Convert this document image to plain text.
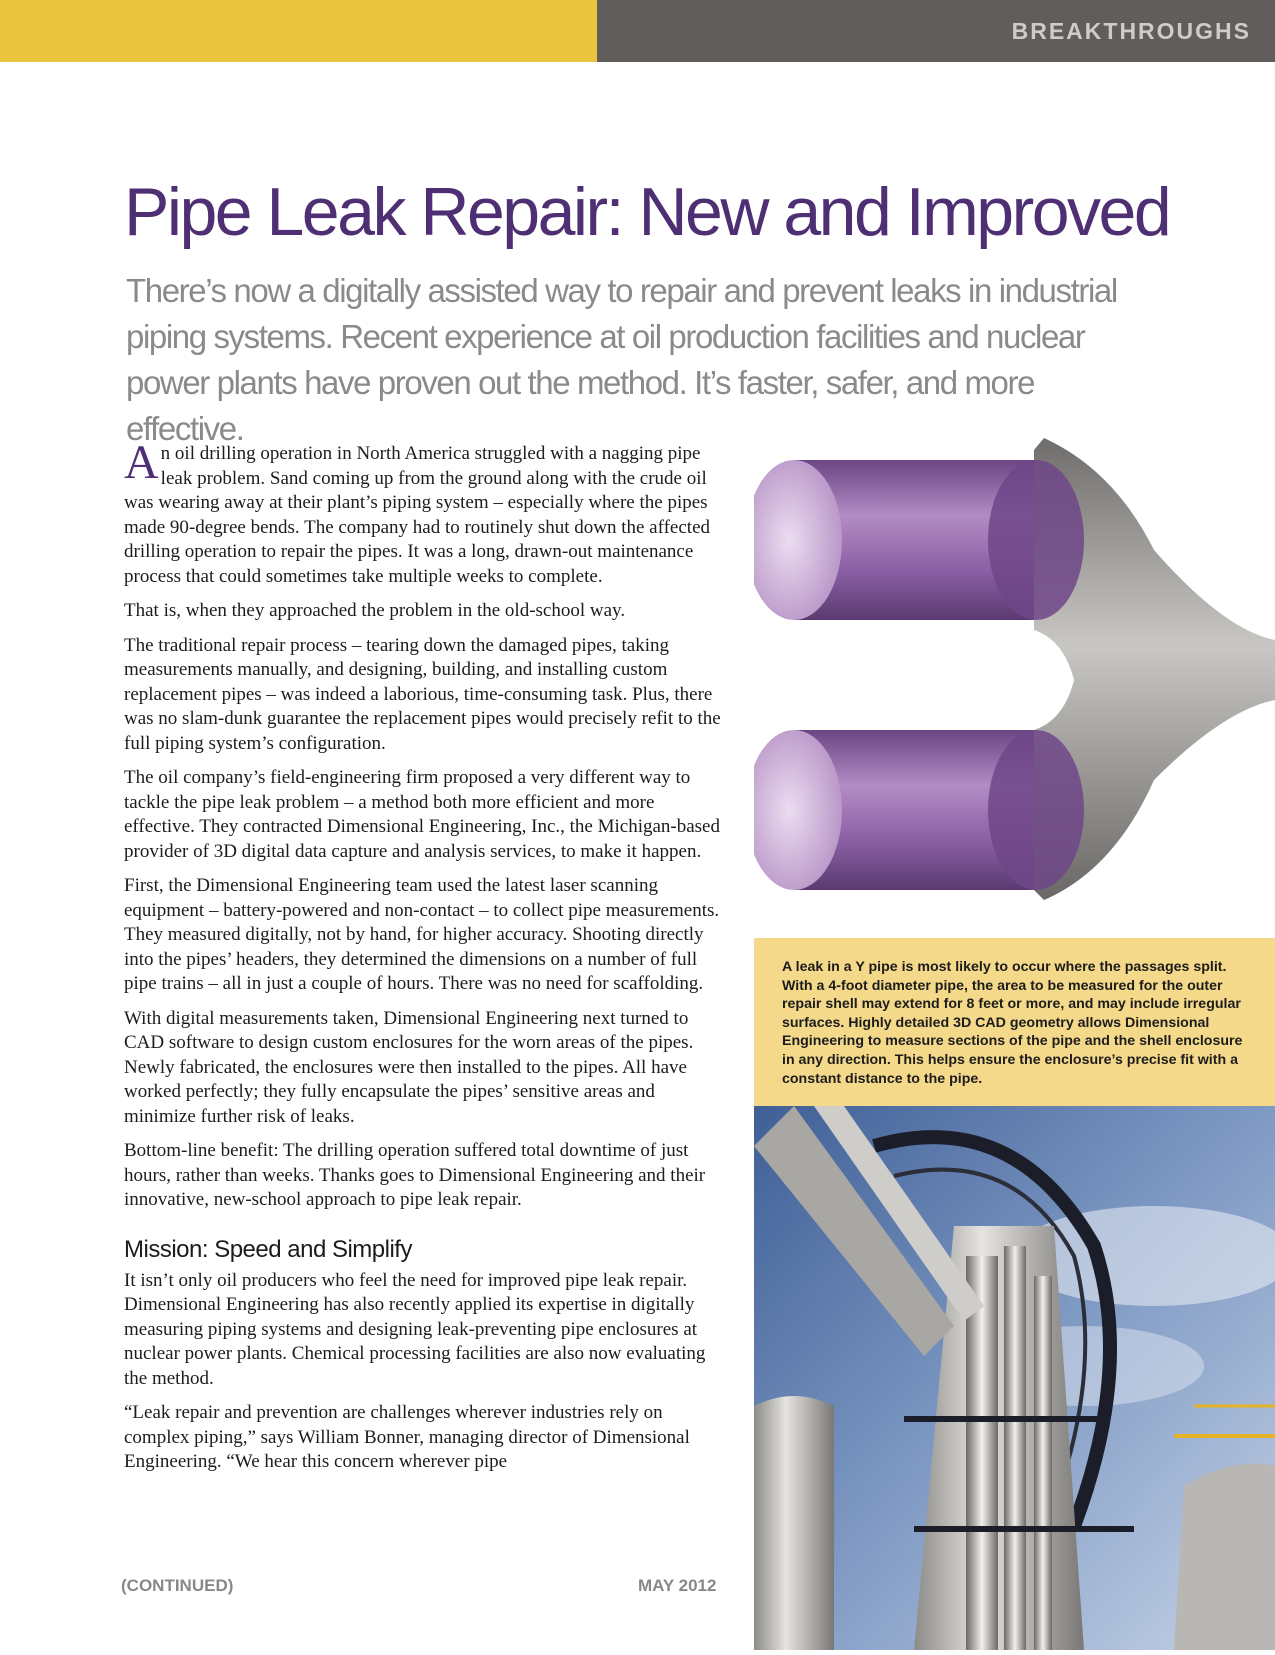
BREAKTHROUGHS
Pipe Leak Repair: New and Improved

There’s now a digitally assisted way to repair and prevent leaks in industrial piping systems. Recent experience at oil production facilities and nuclear power plants have proven out the method. It’s faster, safer, and more effective.

An oil drilling operation in North America struggled with a nagging pipe leak problem. Sand coming up from the ground along with the crude oil was wearing away at their plant’s piping system – especially where the pipes made 90-degree bends. The company had to routinely shut down the affected drilling operation to repair the pipes. It was a long, drawn-out maintenance process that could sometimes take multiple weeks to complete.

That is, when they approached the problem in the old-school way.

The traditional repair process – tearing down the damaged pipes, taking measurements manually, and designing, building, and installing custom replacement pipes – was indeed a laborious, time-consuming task. Plus, there was no slam-dunk guarantee the replacement pipes would precisely refit to the full piping system’s configuration.

The oil company’s field-engineering firm proposed a very different way to tackle the pipe leak problem – a method both more efficient and more effective. They contracted Dimensional Engineering, Inc., the Michigan-based provider of 3D digital data capture and analysis services, to make it happen.

First, the Dimensional Engineering team used the latest laser scanning equipment – battery-powered and non-contact – to collect pipe measurements. They measured digitally, not by hand, for higher accuracy. Shooting directly into the pipes’ headers, they determined the dimensions on a number of full pipe trains – all in just a couple of hours. There was no need for scaffolding.

With digital measurements taken, Dimensional Engineering next turned to CAD software to design custom enclosures for the worn areas of the pipes. Newly fabricated, the enclosures were then installed to the pipes. All have worked perfectly; they fully encapsulate the pipes’ sensitive areas and minimize further risk of leaks.

Bottom-line benefit: The drilling operation suffered total downtime of just hours, rather than weeks. Thanks goes to Dimensional Engineering and their innovative, new-school approach to pipe leak repair.

Mission: Speed and Simplify

It isn’t only oil producers who feel the need for improved pipe leak repair. Dimensional Engineering has also recently applied its expertise in digitally measuring piping systems and designing leak-preventing pipe enclosures at nuclear power plants. Chemical processing facilities are also now evaluating the method.

“Leak repair and prevention are challenges wherever industries rely on complex piping,” says William Bonner, managing director of Dimensional Engineering. “We hear this concern wherever pipe

(CONTINUED)	MAY 2012
A leak in a Y pipe is most likely to occur where the passages split. With a 4-foot diameter pipe, the area to be measured for the outer repair shell may extend for 8 feet or more, and may include irregular surfaces. Highly detailed 3D CAD geometry allows Dimensional Engineering to measure sections of the pipe and the shell enclosure in any direction. This helps ensure the enclosure’s precise fit with a constant distance to the pipe.
